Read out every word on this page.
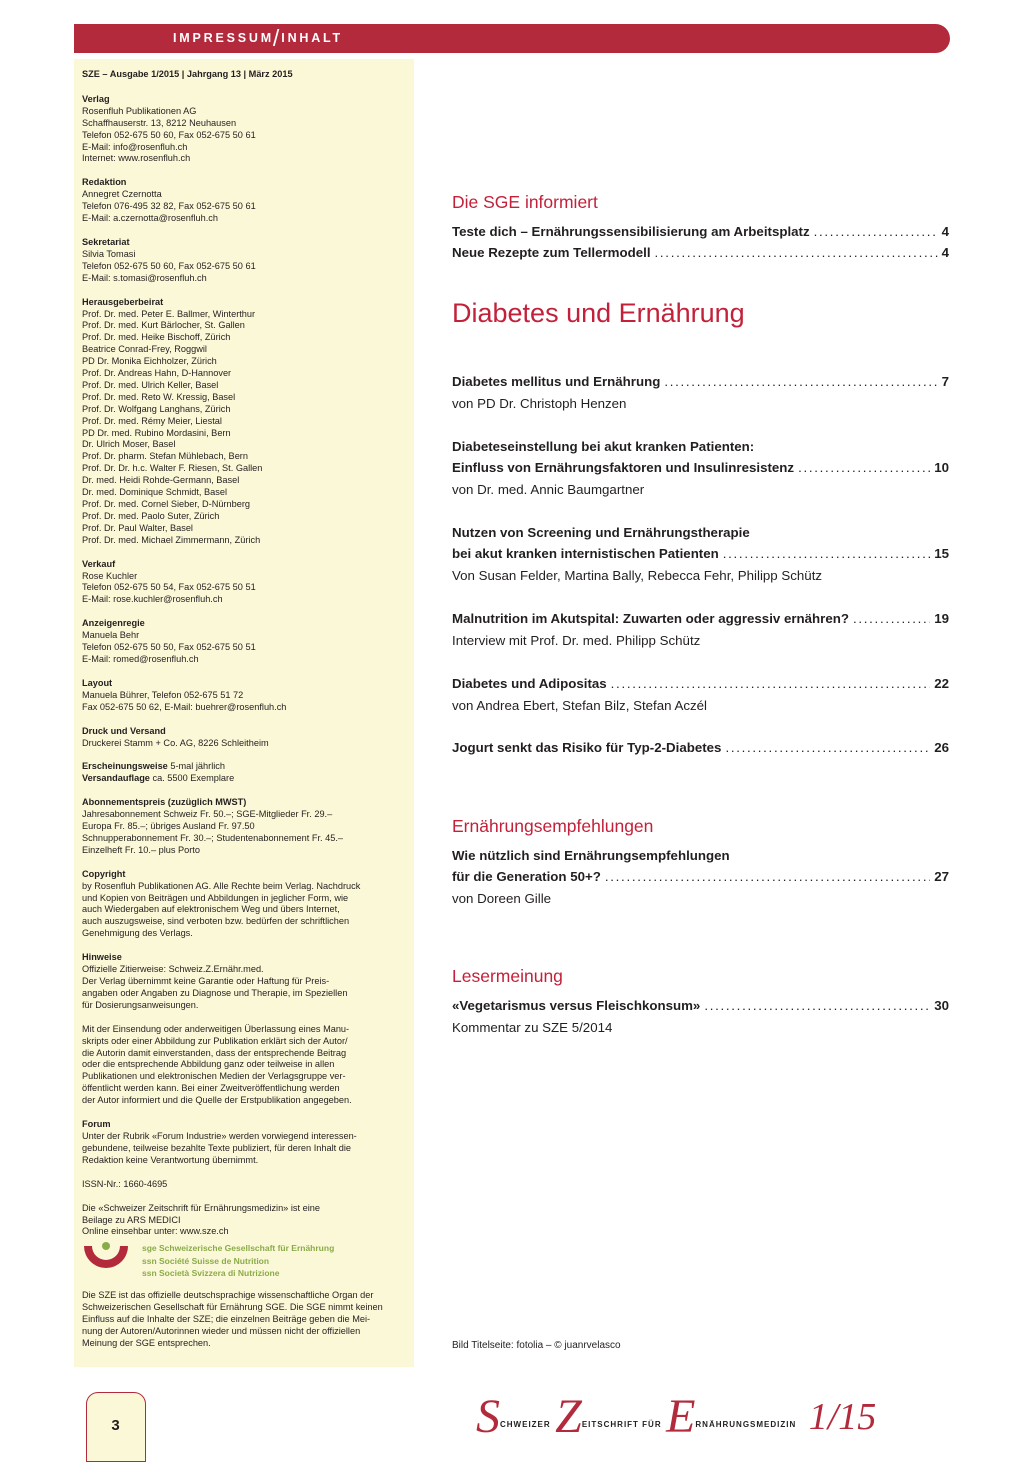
IMPRESSUM/ INHALT

SZE – Ausgabe 1/2015 | Jahrgang 13 | März 2015
Verlag
Rosenfluh Publikationen AG
Schaffhauserstr. 13, 8212 Neuhausen
Telefon 052-675 50 60, Fax 052-675 50 61
E-Mail: info@rosenfluh.ch
Internet: www.rosenfluh.ch
Redaktion
Annegret Czernotta
Telefon 076-495 32 82, Fax 052-675 50 61
E-Mail: a.czernotta@rosenfluh.ch
Sekretariat
Silvia Tomasi
Telefon 052-675 50 60, Fax 052-675 50 61
E-Mail: s.tomasi@rosenfluh.ch
Herausgeberbeirat
Prof. Dr. med. Peter E. Ballmer, Winterthur
Prof. Dr. med. Kurt Bärlocher, St. Gallen
Prof. Dr. med. Heike Bischoff, Zürich
Beatrice Conrad-Frey, Roggwil
PD Dr. Monika Eichholzer, Zürich
Prof. Dr. Andreas Hahn, D-Hannover
Prof. Dr. med. Ulrich Keller, Basel
Prof. Dr. med. Reto W. Kressig, Basel
Prof. Dr. Wolfgang Langhans, Zürich
Prof. Dr. med. Rémy Meier, Liestal
PD Dr. med. Rubino Mordasini, Bern
Dr. Ulrich Moser, Basel
Prof. Dr. pharm. Stefan Mühlebach, Bern
Prof. Dr. Dr. h.c. Walter F. Riesen, St. Gallen
Dr. med. Heidi Rohde-Germann, Basel
Dr. med. Dominique Schmidt, Basel
Prof. Dr. med. Cornel Sieber, D-Nürnberg
Prof. Dr. med. Paolo Suter, Zürich
Prof. Dr. Paul Walter, Basel
Prof. Dr. med. Michael Zimmermann, Zürich
Verkauf
Rose Kuchler
Telefon 052-675 50 54, Fax 052-675 50 51
E-Mail: rose.kuchler@rosenfluh.ch
Anzeigenregie
Manuela Behr
Telefon 052-675 50 50, Fax 052-675 50 51
E-Mail: romed@rosenfluh.ch
Layout
Manuela Bührer, Telefon 052-675 51 72
Fax 052-675 50 62, E-Mail: buehrer@rosenfluh.ch
Druck und Versand
Druckerei Stamm + Co. AG, 8226 Schleitheim
Erscheinungsweise 5-mal jährlich
Versandauflage ca. 5500 Exemplare
Abonnementspreis (zuzüglich MWST)
Jahresabonnement Schweiz Fr. 50.–; SGE-Mitglieder Fr. 29.–
Europa Fr. 85.–; übriges Ausland Fr. 97.50
Schnupperabonnement Fr. 30.–; Studentenabonnement Fr. 45.–
Einzelheft Fr. 10.– plus Porto
Copyright
by Rosenfluh Publikationen AG. Alle Rechte beim Verlag. Nachdruck
und Kopien von Beiträgen und Abbildungen in jeglicher Form, wie
auch Wiedergaben auf elektronischem Weg und übers Internet,
auch auszugsweise, sind verboten bzw. bedürfen der schriftlichen
Genehmigung des Verlags.
Hinweise
Offizielle Zitierweise: Schweiz.Z.Ernähr.med.
Der Verlag übernimmt keine Garantie oder Haftung für Preis-
angaben oder Angaben zu Diagnose und Therapie, im Speziellen
für Dosierungsanweisungen.
Mit der Einsendung oder anderweitigen Überlassung eines Manu-
skripts oder einer Abbildung zur Publikation erklärt sich der Autor/
die Autorin damit einverstanden, dass der entsprechende Beitrag
oder die entsprechende Abbildung ganz oder teilweise in allen
Publikationen und elektronischen Medien der Verlagsgruppe ver-
öffentlicht werden kann. Bei einer Zweitveröffentlichung werden
der Autor informiert und die Quelle der Erstpublikation angegeben.
Forum
Unter der Rubrik «Forum Industrie» werden vorwiegend interessen-
gebundene, teilweise bezahlte Texte publiziert, für deren Inhalt die
Redaktion keine Verantwortung übernimmt.
ISSN-Nr.: 1660-4695
Die «Schweizer Zeitschrift für Ernährungsmedizin» ist eine
Beilage zu ARS MEDICI
Online einsehbar unter: www.sze.ch
sge Schweizerische Gesellschaft für Ernährung
ssn Société Suisse de Nutrition
ssn Società Svizzera di Nutrizione
Die SZE ist das offizielle deutschsprachige wissenschaftliche Organ der
Schweizerischen Gesellschaft für Ernährung SGE. Die SGE nimmt keinen
Einfluss auf die Inhalte der SZE; die einzelnen Beiträge geben die Mei-
nung der Autoren/Autorinnen wieder und müssen nicht der offiziellen
Meinung der SGE entsprechen.
Die SGE informiert
Teste dich – Ernährungssensibilisierung am Arbeitsplatz . . .	4
Neue Rezepte zum Tellermodell . . .	4
Diabetes und Ernährung
Diabetes mellitus und Ernährung . . .	7
von PD Dr. Christoph Henzen
Diabeteseinstellung bei akut kranken Patienten:
Einfluss von Ernährungsfaktoren und Insulinresistenz . . .	10
von Dr. med. Annic Baumgartner
Nutzen von Screening und Ernährungstherapie
bei akut kranken internistischen Patienten . . .	15
Von Susan Felder, Martina Bally, Rebecca Fehr, Philipp Schütz
Malnutrition im Akutspital: Zuwarten oder aggressiv ernähren? . . .	19
Interview mit Prof. Dr. med. Philipp Schütz
Diabetes und Adipositas . . .	22
von Andrea Ebert, Stefan Bilz, Stefan Aczél
Jogurt senkt das Risiko für Typ-2-Diabetes . . .	26
Ernährungsempfehlungen
Wie nützlich sind Ernährungsempfehlungen
für die Generation 50+? . . .	27
von Doreen Gille
Lesermeinung
«Vegetarismus versus Fleischkonsum» . . .	30
Kommentar zu SZE 5/2014
Bild Titelseite: fotolia – © juanrvelasco

3	SCHWEIZER ZEITSCHRIFT FÜR ERNÄHRUNGSMEDIZIN 1/15
